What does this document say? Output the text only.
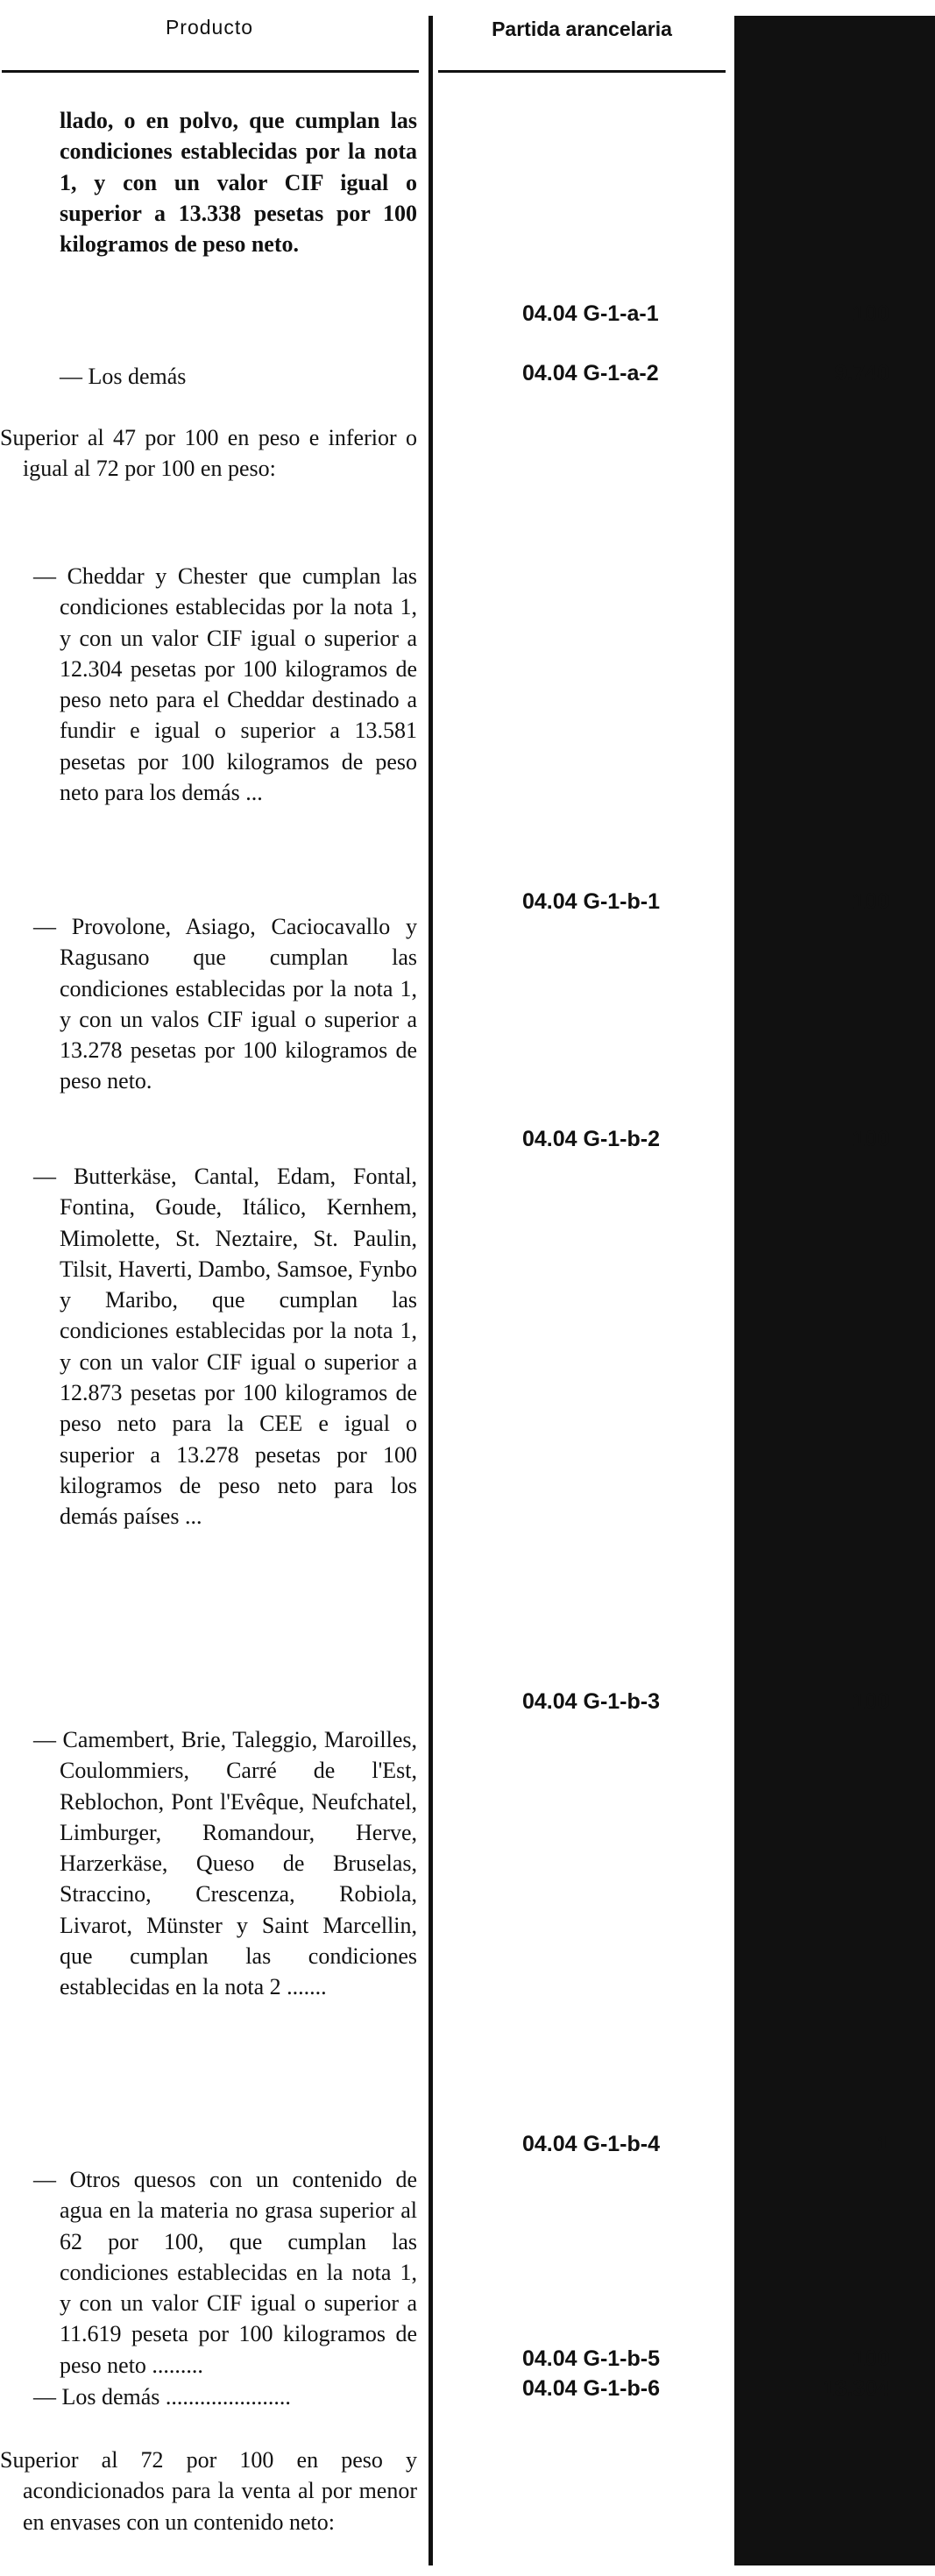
Producto	Partida arancelaria

llado, o en polvo, que cumplan las condiciones establecidas por la nota 1, y con un valor CIF igual o superior a 13.338 pesetas por 100 kilogramos de peso neto.

— Los demás

Superior al 47 por 100 en peso e inferior o igual al 72 por 100 en peso:

— Cheddar y Chester que cumplan las condiciones establecidas por la nota 1, y con un valor CIF igual o superior a 12.304 pesetas por 100 kilogramos de peso neto para el Cheddar destinado a fundir e igual o superior a 13.581 pesetas por 100 kilogramos de peso neto para los demás ...

— Provolone, Asiago, Caciocavallo y Ragusano que cumplan las condiciones establecidas por la nota 1, y con un valos CIF igual o superior a 13.278 pesetas por 100 kilogramos de peso neto.

— Butterkäse, Cantal, Edam, Fontal, Fontina, Goude, Itálico, Kernhem, Mimolette, St. Neztaire, St. Paulin, Tilsit, Haverti, Dambo, Samsoe, Fynbo y Maribo, que cumplan las condiciones establecidas por la nota 1, y con un valor CIF igual o superior a 12.873 pesetas por 100 kilogramos de peso neto para la CEE e igual o superior a 13.278 pesetas por 100 kilogramos de peso neto para los demás países ...

— Camembert, Brie, Taleggio, Maroilles, Coulommiers, Carré de l'Est, Reblochon, Pont l'Evêque, Neufchatel, Limburger, Romandour, Herve, Harzerkäse, Queso de Bruselas, Straccino, Crescenza, Robiola, Livarot, Münster y Saint Marcellin, que cumplan las condiciones establecidas en la nota 2 .......

— Otros quesos con un contenido de agua en la materia no grasa superior al 62 por 100, que cumplan las condiciones establecidas en la nota 1, y con un valor CIF igual o superior a 11.619 peseta por 100 kilogramos de peso neto .........

— Los demás ......................

Superior al 72 por 100 en peso y acondicionados para la venta al por menor en envases con un contenido neto:

04.04 G-1-a-1
04.04 G-1-a-2
04.04 G-1-b-1
04.04 G-1-b-2
04.04 G-1-b-3
04.04 G-1-b-4
04.04 G-1-b-5
04.04 G-1-b-6
100
9.740
100
100
100
1
100
13.304
